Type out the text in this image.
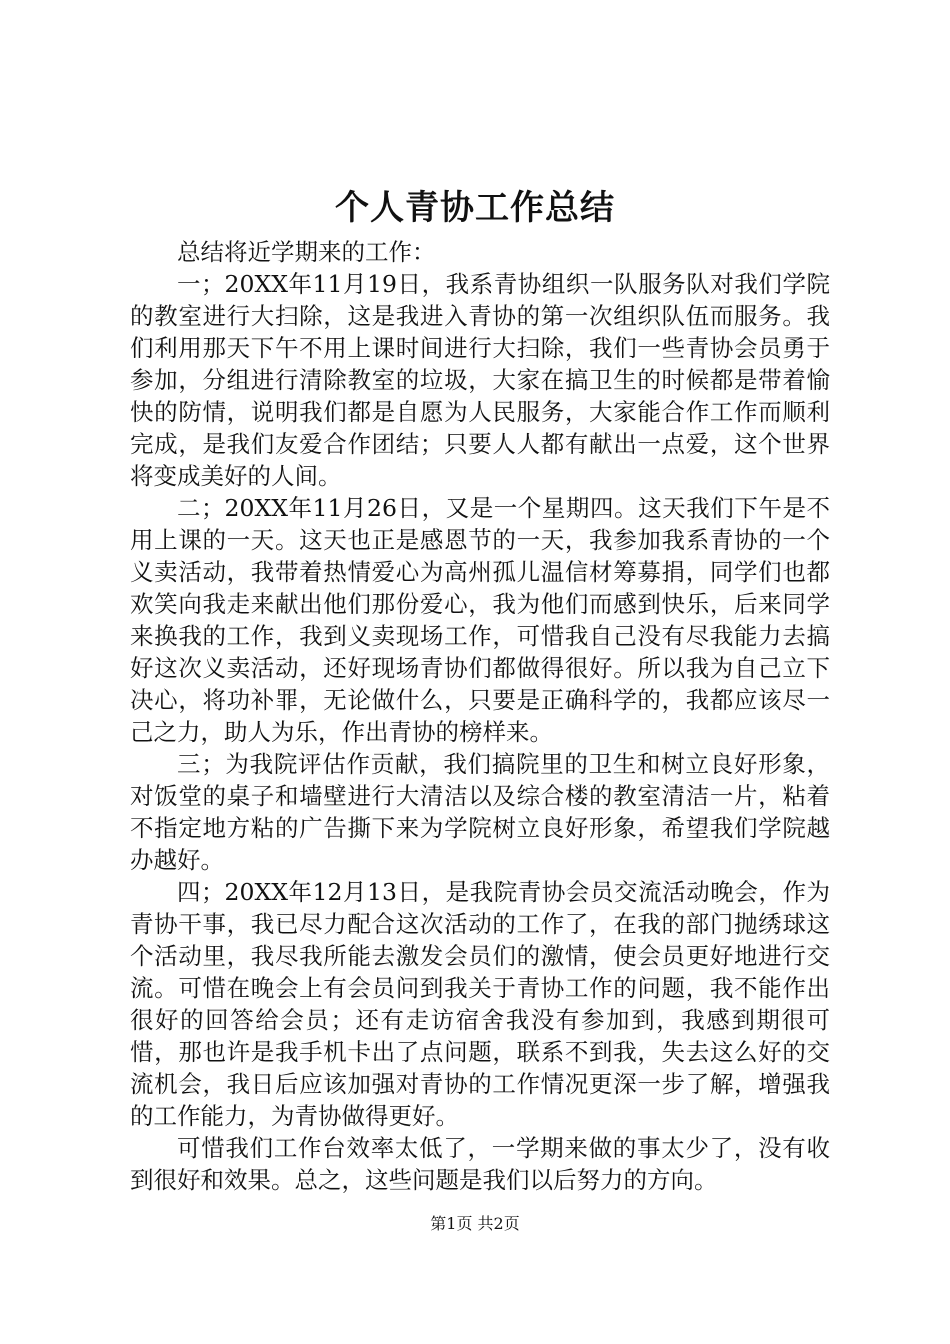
个人青协工作总结

总结将近学期来的工作：

一；20XX年11月19日，我系青协组织一队服务队对我们学院的教室进行大扫除，这是我进入青协的第一次组织队伍而服务。我们利用那天下午不用上课时间进行大扫除，我们一些青协会员勇于参加，分组进行清除教室的垃圾，大家在搞卫生的时候都是带着愉快的防情，说明我们都是自愿为人民服务，大家能合作工作而顺利完成，是我们友爱合作团结；只要人人都有献出一点爱，这个世界将变成美好的人间。

二；20XX年11月26日，又是一个星期四。这天我们下午是不用上课的一天。这天也正是感恩节的一天，我参加我系青协的一个义卖活动，我带着热情爱心为高州孤儿温信材筹募捐，同学们也都欢笑向我走来献出他们那份爱心，我为他们而感到快乐，后来同学来换我的工作，我到义卖现场工作，可惜我自己没有尽我能力去搞好这次义卖活动，还好现场青协们都做得很好。所以我为自己立下决心，将功补罪，无论做什么，只要是正确科学的，我都应该尽一己之力，助人为乐，作出青协的榜样来。

三；为我院评估作贡献，我们搞院里的卫生和树立良好形象，对饭堂的桌子和墙壁进行大清洁以及综合楼的教室清洁一片，粘着不指定地方粘的广告撕下来为学院树立良好形象，希望我们学院越办越好。

四；20XX年12月13日，是我院青协会员交流活动晚会，作为青协干事，我已尽力配合这次活动的工作了，在我的部门抛绣球这个活动里，我尽我所能去激发会员们的激情，使会员更好地进行交流。可惜在晚会上有会员问到我关于青协工作的问题，我不能作出很好的回答给会员；还有走访宿舍我没有参加到，我感到期很可惜，那也许是我手机卡出了点问题，联系不到我，失去这么好的交流机会，我日后应该加强对青协的工作情况更深一步了解，增强我的工作能力，为青协做得更好。

可惜我们工作台效率太低了，一学期来做的事太少了，没有收到很好和效果。总之，这些问题是我们以后努力的方向。

第1页 共2页
